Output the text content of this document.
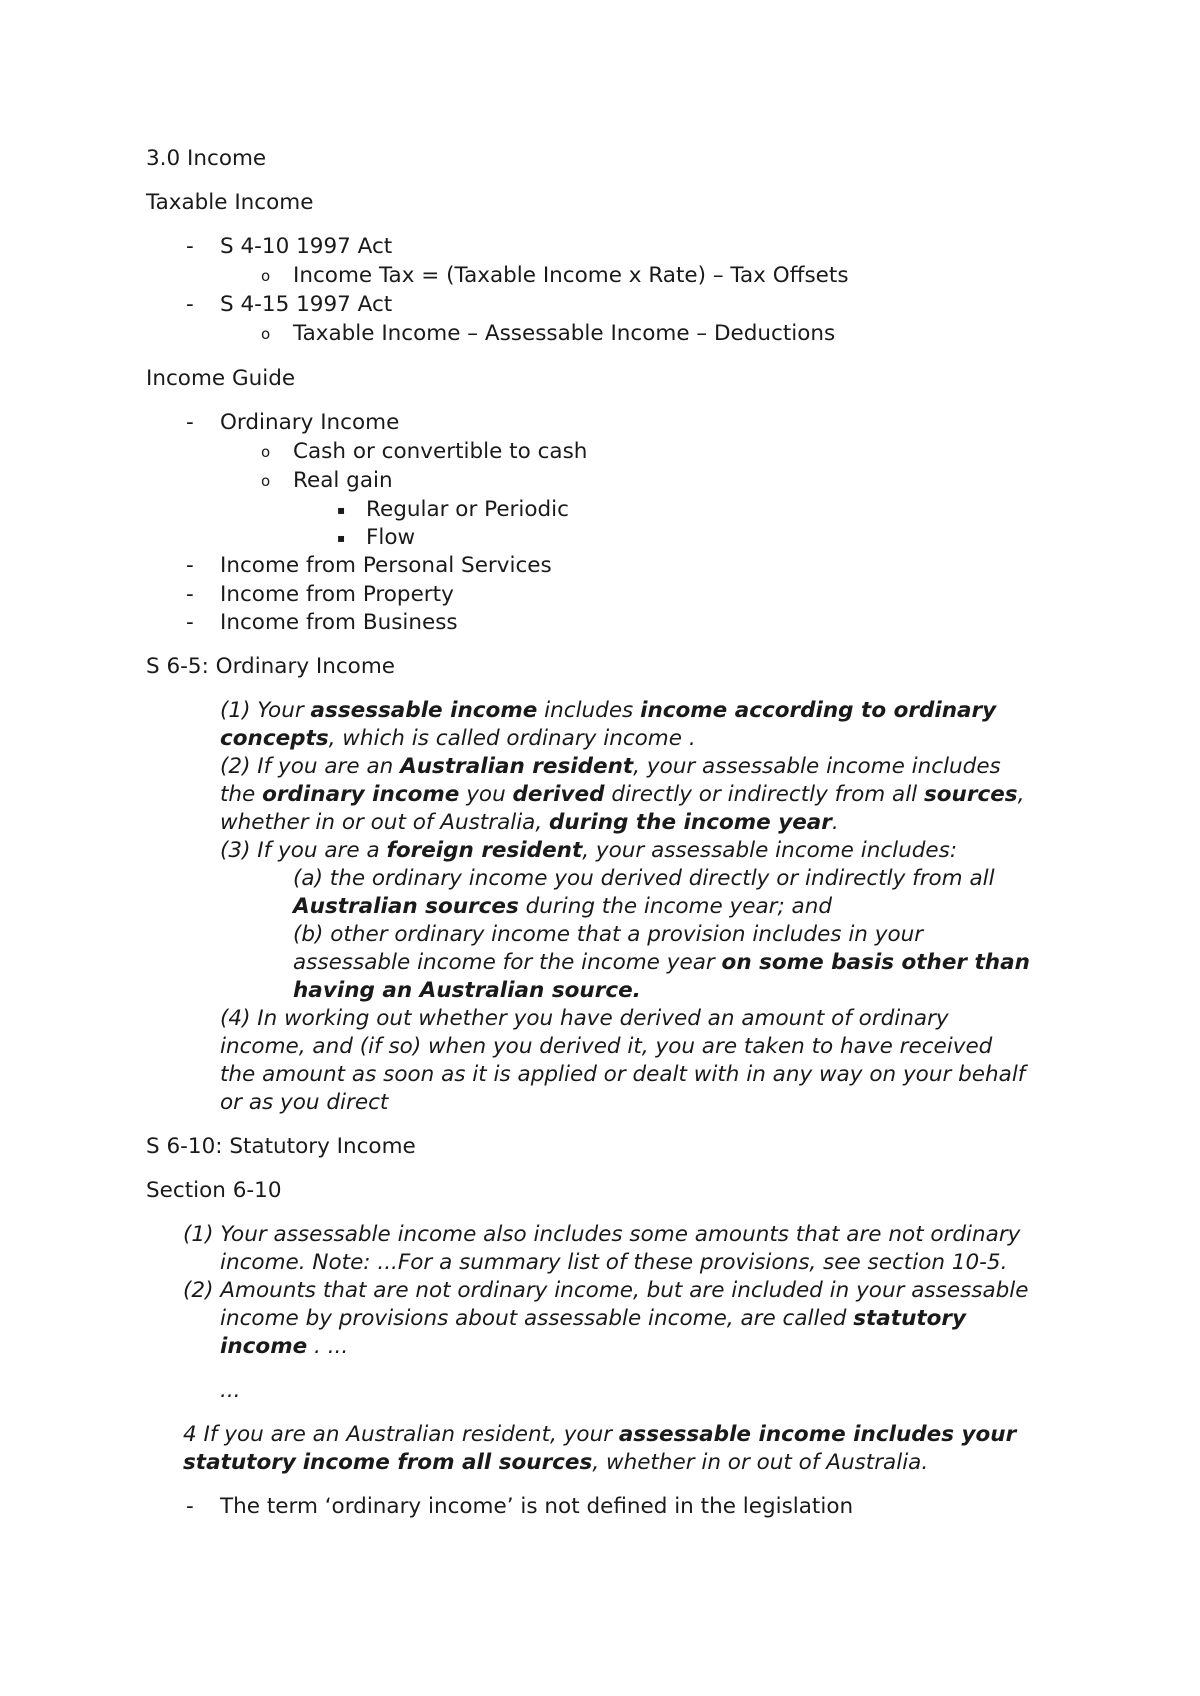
3.0 Income
Taxable Income
- S 4-10 1997 Act
o Income Tax = (Taxable Income x Rate) – Tax Offsets
- S 4-15 1997 Act
o Taxable Income – Assessable Income – Deductions
Income Guide
- Ordinary Income
o Cash or convertible to cash
o Real gain
▪ Regular or Periodic
▪ Flow
- Income from Personal Services
- Income from Property
- Income from Business
S 6-5: Ordinary Income
(1) Your assessable income includes income according to ordinary
concepts, which is called ordinary income .
(2) If you are an Australian resident, your assessable income includes
the ordinary income you derived directly or indirectly from all sources,
whether in or out of Australia, during the income year.
(3) If you are a foreign resident, your assessable income includes:
(a) the ordinary income you derived directly or indirectly from all
Australian sources during the income year; and
(b) other ordinary income that a provision includes in your
assessable income for the income year on some basis other than
having an Australian source.
(4) In working out whether you have derived an amount of ordinary
income, and (if so) when you derived it, you are taken to have received
the amount as soon as it is applied or dealt with in any way on your behalf
or as you direct
S 6-10: Statutory Income
Section 6-10
(1) Your assessable income also includes some amounts that are not ordinary
income. Note: ...For a summary list of these provisions, see section 10-5.
(2) Amounts that are not ordinary income, but are included in your assessable
income by provisions about assessable income, are called statutory
income . ...
...
4 If you are an Australian resident, your assessable income includes your
statutory income from all sources, whether in or out of Australia.
- The term ‘ordinary income’ is not defined in the legislation
